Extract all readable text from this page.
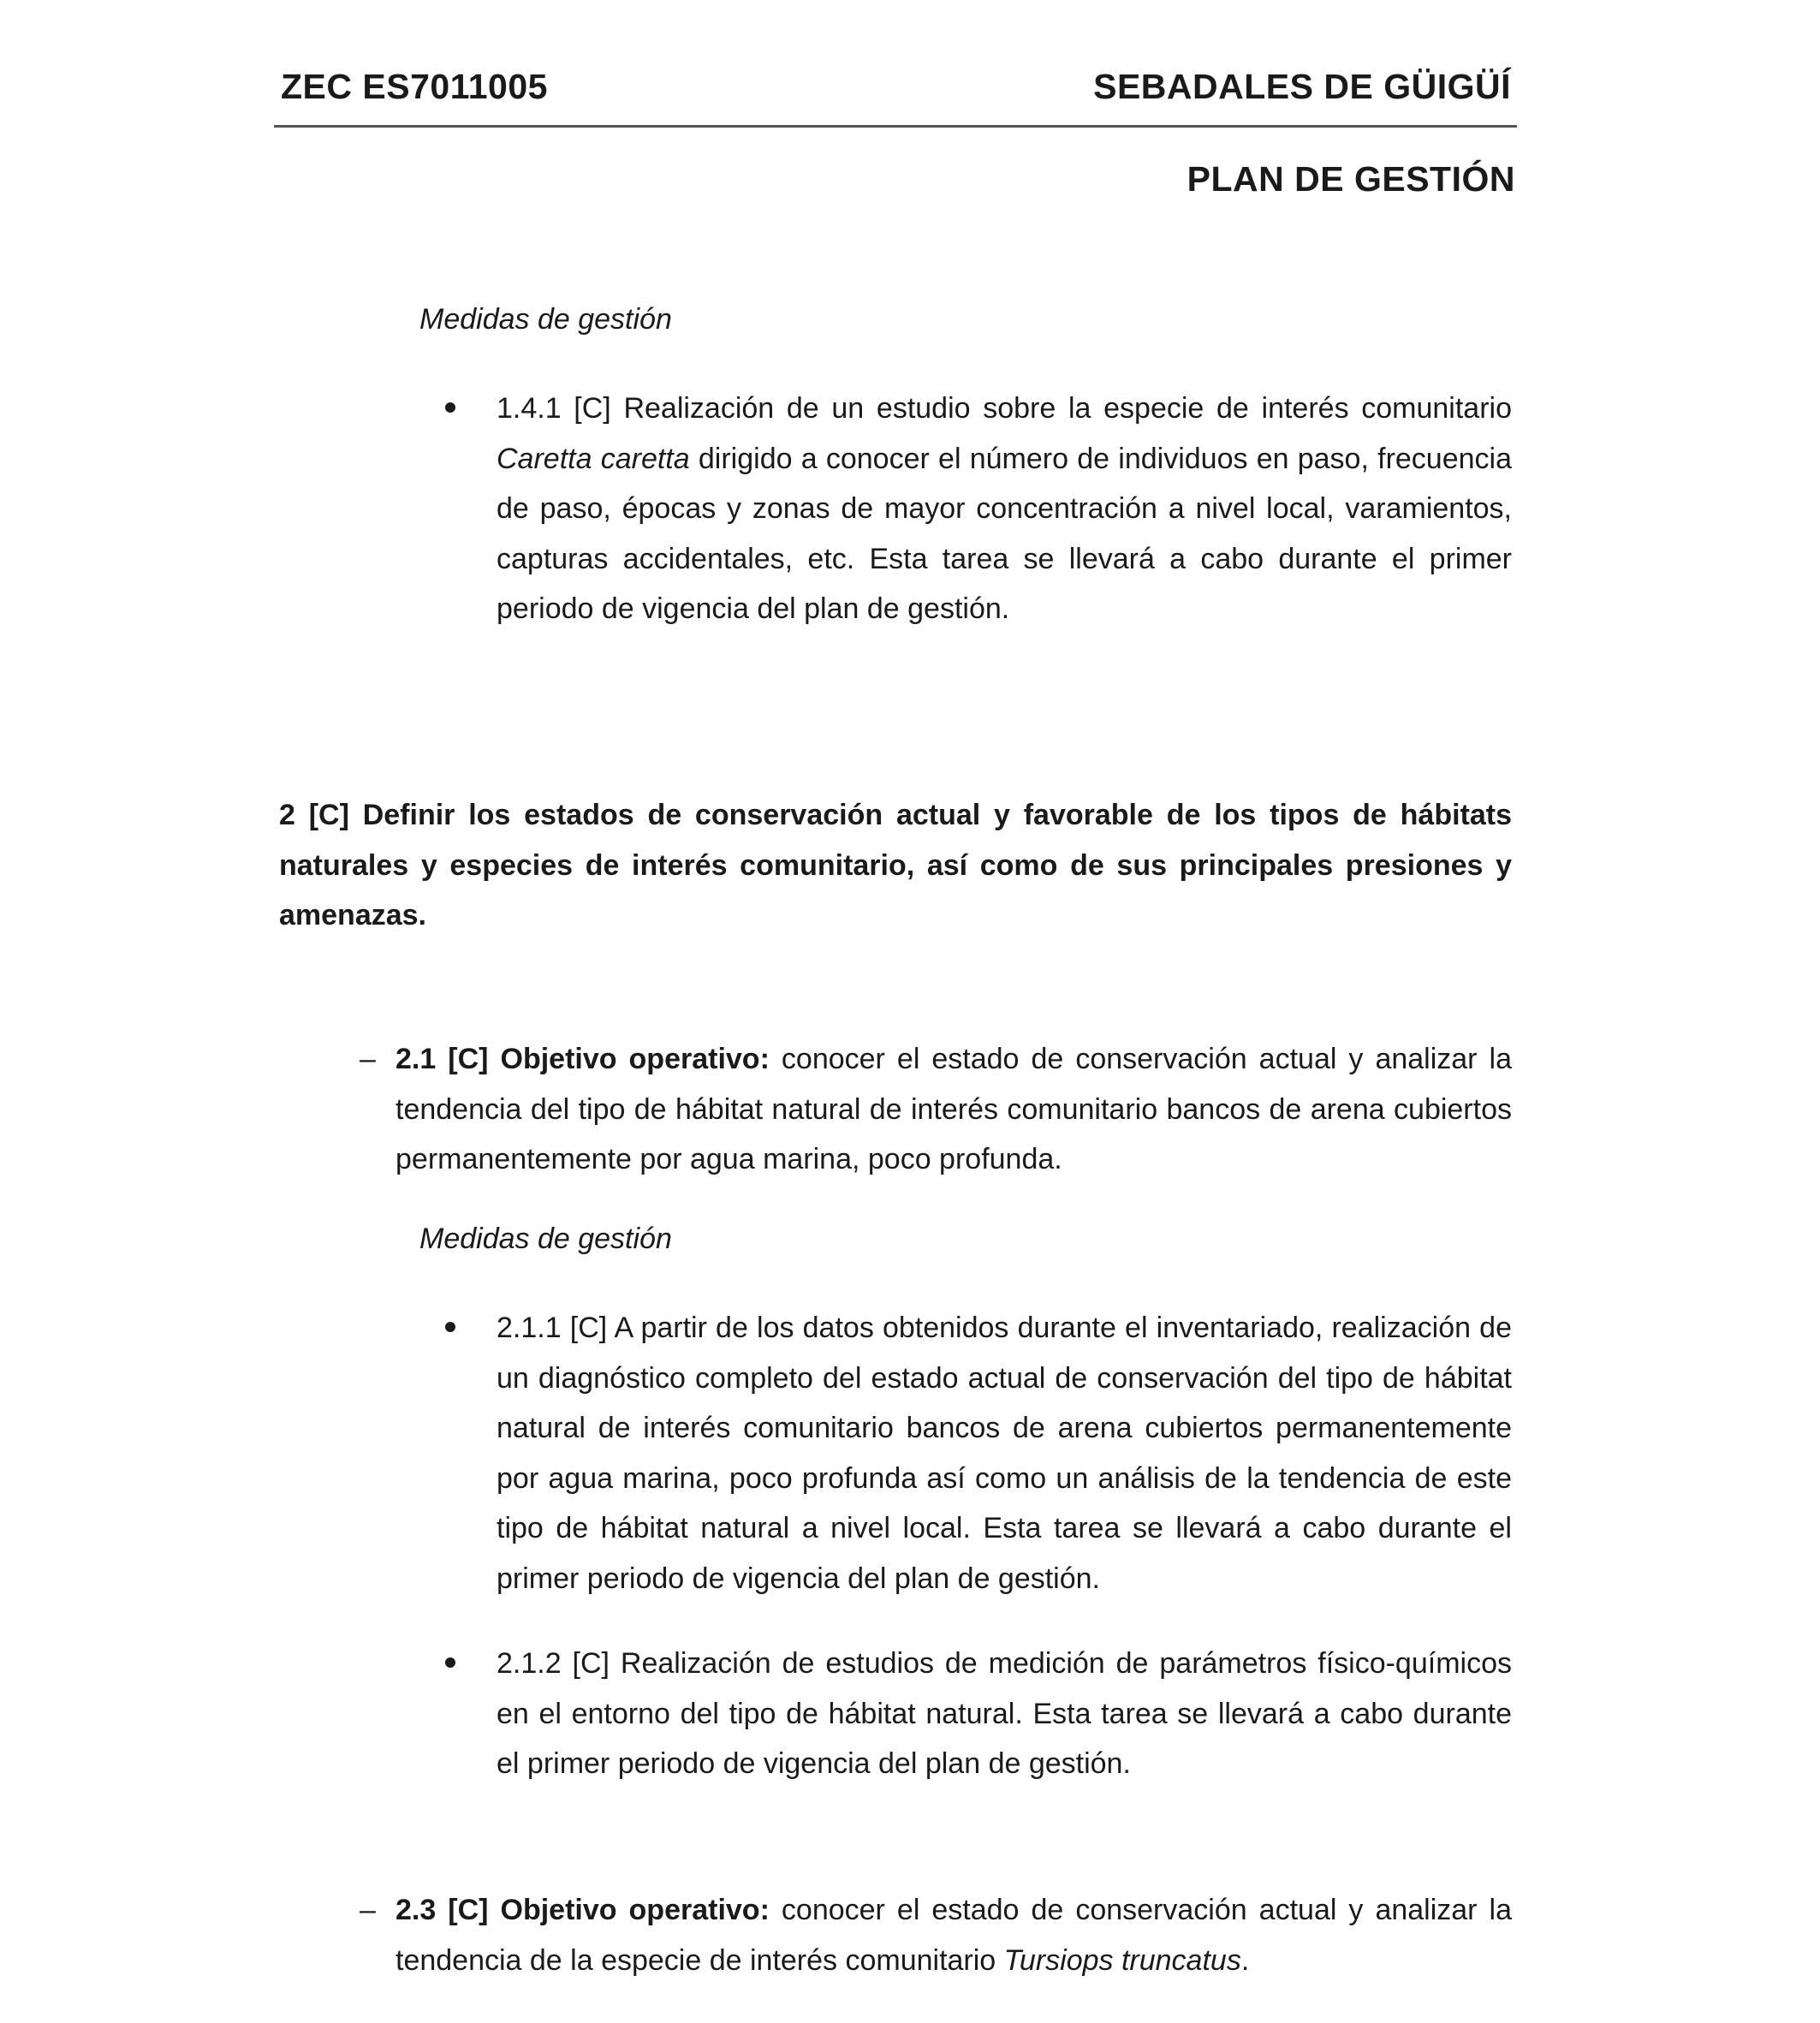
ZEC ES7011005	SEBADALES DE GÜIGÜÍ
PLAN DE GESTIÓN
Medidas de gestión
1.4.1 [C] Realización de un estudio sobre la especie de interés comunitario Caretta caretta dirigido a conocer el número de individuos en paso, frecuencia de paso, épocas y zonas de mayor concentración a nivel local, varamientos, capturas accidentales, etc. Esta tarea se llevará a cabo durante el primer periodo de vigencia del plan de gestión.
2 [C] Definir los estados de conservación actual y favorable de los tipos de hábitats naturales y especies de interés comunitario, así como de sus principales presiones y amenazas.
– 2.1 [C] Objetivo operativo: conocer el estado de conservación actual y analizar la tendencia del tipo de hábitat natural de interés comunitario bancos de arena cubiertos permanentemente por agua marina, poco profunda.
Medidas de gestión
2.1.1 [C] A partir de los datos obtenidos durante el inventariado, realización de un diagnóstico completo del estado actual de conservación del tipo de hábitat natural de interés comunitario bancos de arena cubiertos permanentemente por agua marina, poco profunda así como un análisis de la tendencia de este tipo de hábitat natural a nivel local. Esta tarea se llevará a cabo durante el primer periodo de vigencia del plan de gestión.
2.1.2 [C] Realización de estudios de medición de parámetros físico-químicos en el entorno del tipo de hábitat natural. Esta tarea se llevará a cabo durante el primer periodo de vigencia del plan de gestión.
– 2.3 [C] Objetivo operativo: conocer el estado de conservación actual y analizar la tendencia de la especie de interés comunitario Tursiops truncatus.
